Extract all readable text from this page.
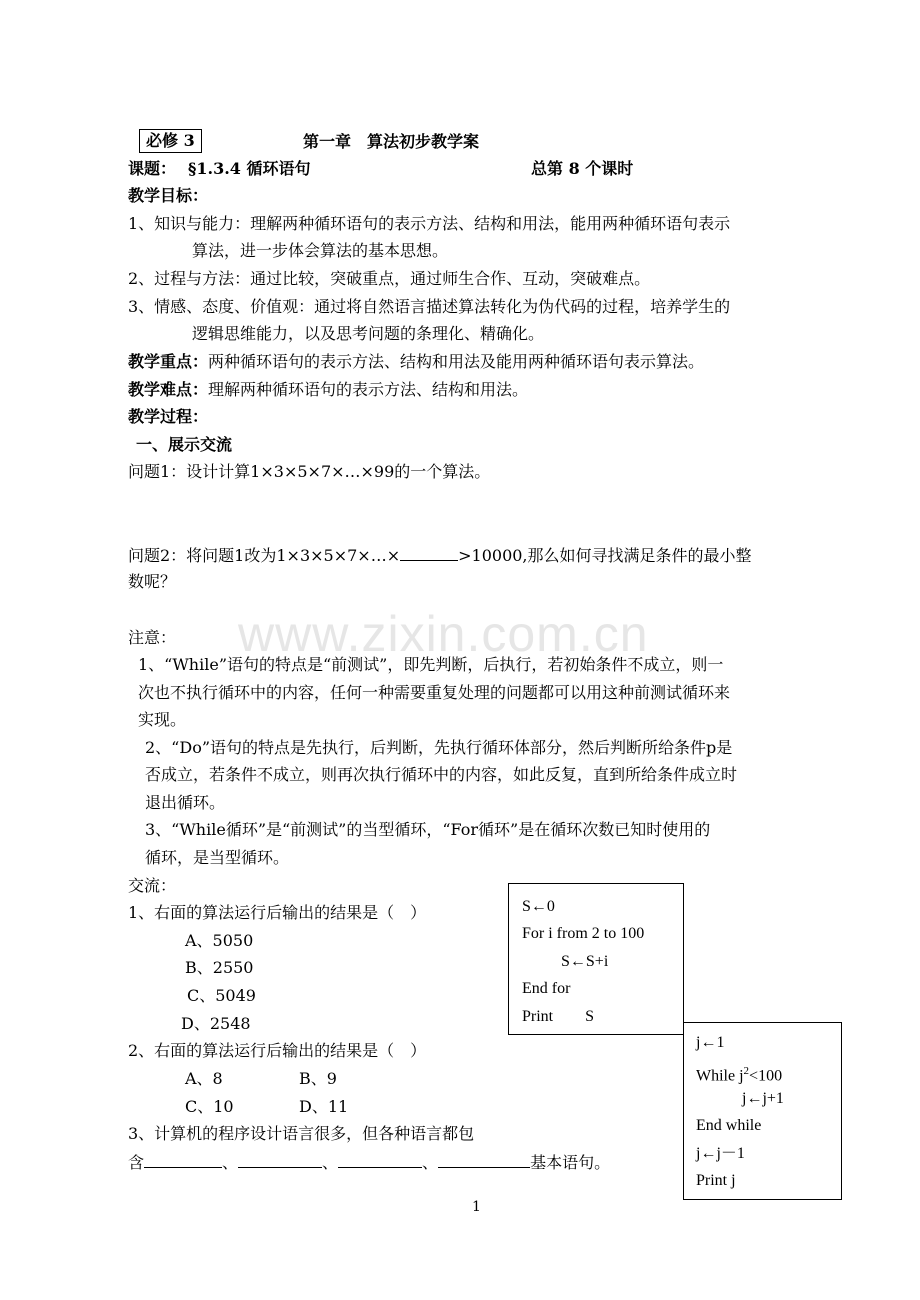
www.zixin.com.cn
必修 3	第一章　算法初步教学案
课题： §1.3.4 循环语句	总第 8 个课时
教学目标：
1、知识与能力：理解两种循环语句的表示方法、结构和用法，能用两种循环语句表示
算法，进一步体会算法的基本思想。
2、过程与方法：通过比较，突破重点，通过师生合作、互动，突破难点。
3、情感、态度、价值观：通过将自然语言描述算法转化为伪代码的过程，培养学生的
逻辑思维能力，以及思考问题的条理化、精确化。
教学重点：两种循环语句的表示方法、结构和用法及能用两种循环语句表示算法。
教学难点：理解两种循环语句的表示方法、结构和用法。
教学过程：
一、展示交流
问题1：设计计算1×3×5×7×…×99的一个算法。
问题2：将问题1改为1×3×5×7×…×	>10000,那么如何寻找满足条件的最小整
数呢？
注意：
1、“While”语句的特点是“前测试”，即先判断，后执行，若初始条件不成立，则一
次也不执行循环中的内容，任何一种需要重复处理的问题都可以用这种前测试循环来
实现。
2、“Do”语句的特点是先执行，后判断，先执行循环体部分，然后判断所给条件p是
否成立，若条件不成立，则再次执行循环中的内容，如此反复，直到所给条件成立时
退出循环。
3、“While循环”是“前测试”的当型循环，“For循环”是在循环次数已知时使用的
循环，是当型循环。
交流：
1、右面的算法运行后输出的结果是（　）
A、5050
B、2550
C、5049
D、2548
2、右面的算法运行后输出的结果是（　）
A、8	B、9
C、10	D、11
3、计算机的程序设计语言很多，但各种语言都包
含	、	、	、	基本语句。
S←0
For i from 2 to 100
S←S+i
End for
Print　　S
j←1
While $j^2<100$
j←j+1
End while
j←j－1
Print j
1
